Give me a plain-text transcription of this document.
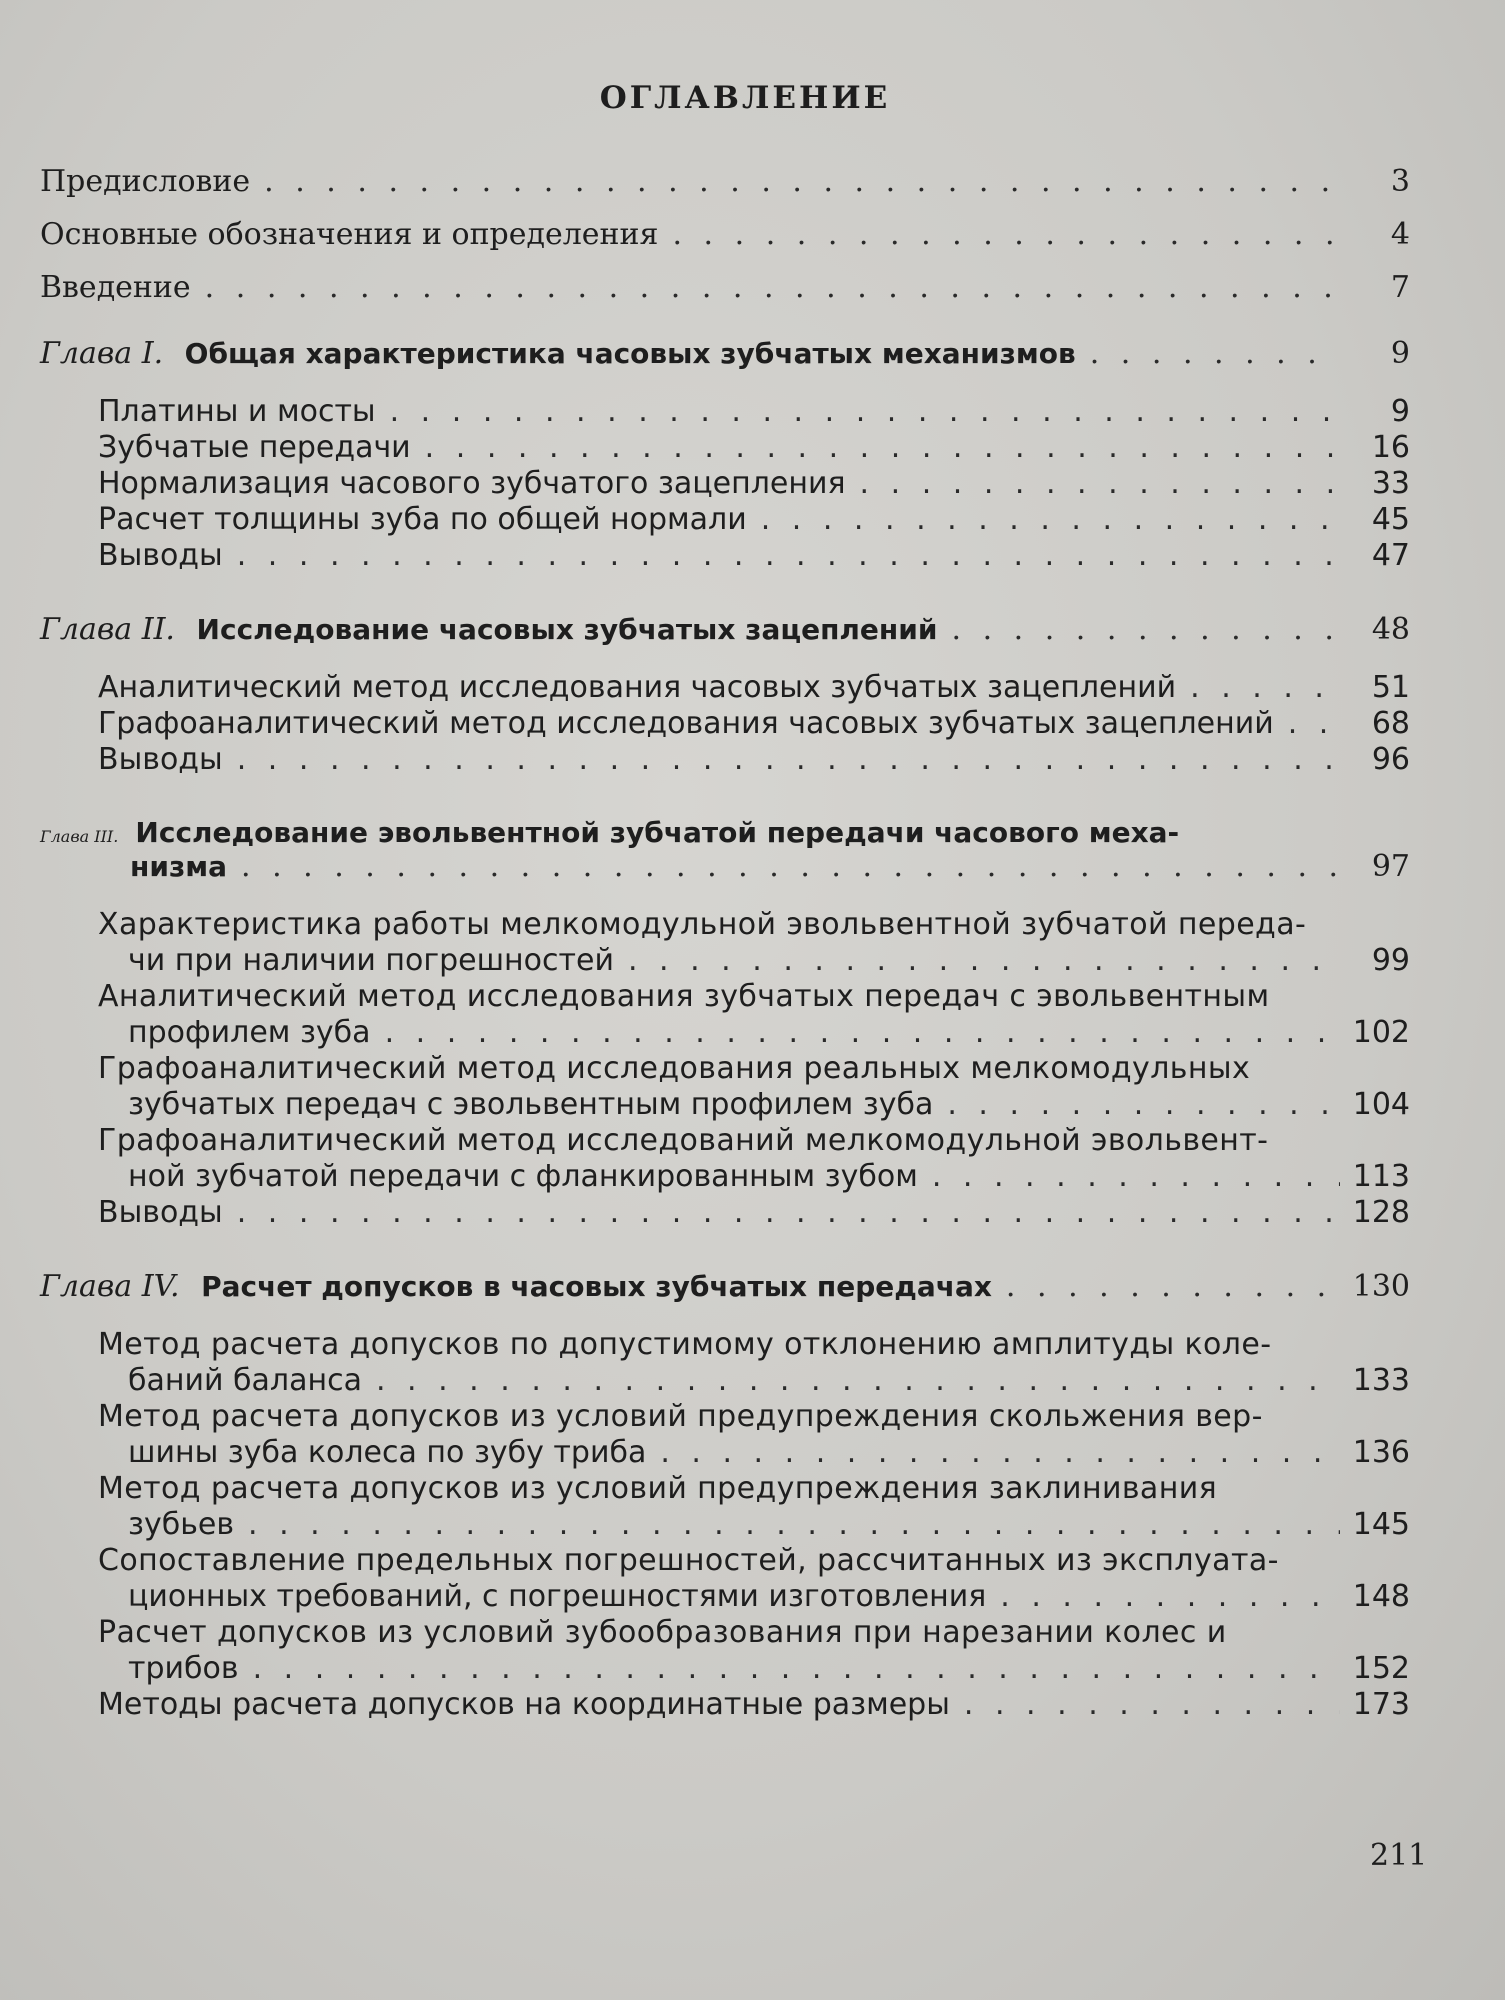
ОГЛАВЛЕНИЕ
Предисловие . . .	3
Основные обозначения и определения . . .	4
Введение . . .	7
Глава I. Общая характеристика часовых зубчатых механизмов . . .	9
Платины и мосты . . .	9
Зубчатые передачи . . .	16
Нормализация часового зубчатого зацепления . . .	33
Расчет толщины зуба по общей нормали . . .	45
Выводы . . .	47
Глава II. Исследование часовых зубчатых зацеплений . . .	48
Аналитический метод исследования часовых зубчатых зацеплений . . .	51
Графоаналитический метод исследования часовых зубчатых зацеплений . . .	68
Выводы . . .	96
Глава III. Исследование эвольвентной зубчатой передачи часового меха-
низма . . .	97
Характеристика работы мелкомодульной эвольвентной зубчатой переда-
чи при наличии погрешностей . . .	99
Аналитический метод исследования зубчатых передач с эвольвентным
профилем зуба . . .	102
Графоаналитический метод исследования реальных мелкомодульных
зубчатых передач с эвольвентным профилем зуба . . .	104
Графоаналитический метод исследований мелкомодульной эвольвент-
ной зубчатой передачи с фланкированным зубом . . .	113
Выводы . . .	128
Глава IV. Расчет допусков в часовых зубчатых передачах . . .	130
Метод расчета допусков по допустимому отклонению амплитуды коле-
баний баланса . . .	133
Метод расчета допусков из условий предупреждения скольжения вер-
шины зуба колеса по зубу триба . . .	136
Метод расчета допусков из условий предупреждения заклинивания
зубьев . . .	145
Сопоставление предельных погрешностей, рассчитанных из эксплуата-
ционных требований, с погрешностями изготовления . . .	148
Расчет допусков из условий зубообразования при нарезании колес и
трибов . . .	152
Методы расчета допусков на координатные размеры . . .	173
211
